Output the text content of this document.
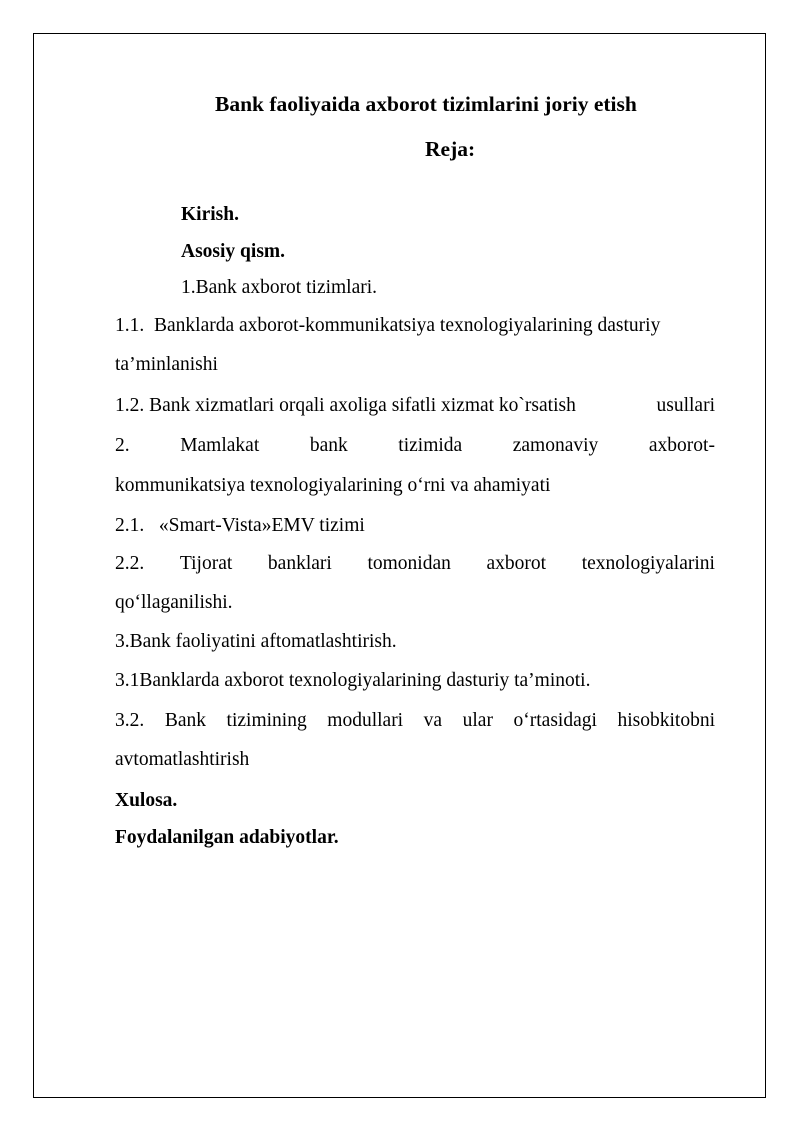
Bank faoliyaida axborot tizimlarini joriy etish
Reja:
Kirish.
Asosiy qism.
1.Bank axborot tizimlari.
1.1.  Banklarda axborot-kommunikatsiya texnologiyalarining dasturiy
ta’minlanishi
1.2. Bank xizmatlari orqali axoliga sifatli xizmat ko`rsatish	usullari
2.	Mamlakat	bank	tizimida	zamonaviy	axborot-
kommunikatsiya texnologiyalarining o‘rni va ahamiyati
2.1.   «Smart-Vista»EMV tizimi
2.2. Tijorat banklari tomonidan axborot texnologiyalarini
qo‘llaganilishi.
3.Bank faoliyatini aftomatlashtirish.
3.1Banklarda axborot texnologiyalarining dasturiy ta’minoti.
3.2. Bank tizimining modullari va ular o‘rtasidagi hisobkitobni
avtomatlashtirish
Xulosa.
Foydalanilgan adabiyotlar.
